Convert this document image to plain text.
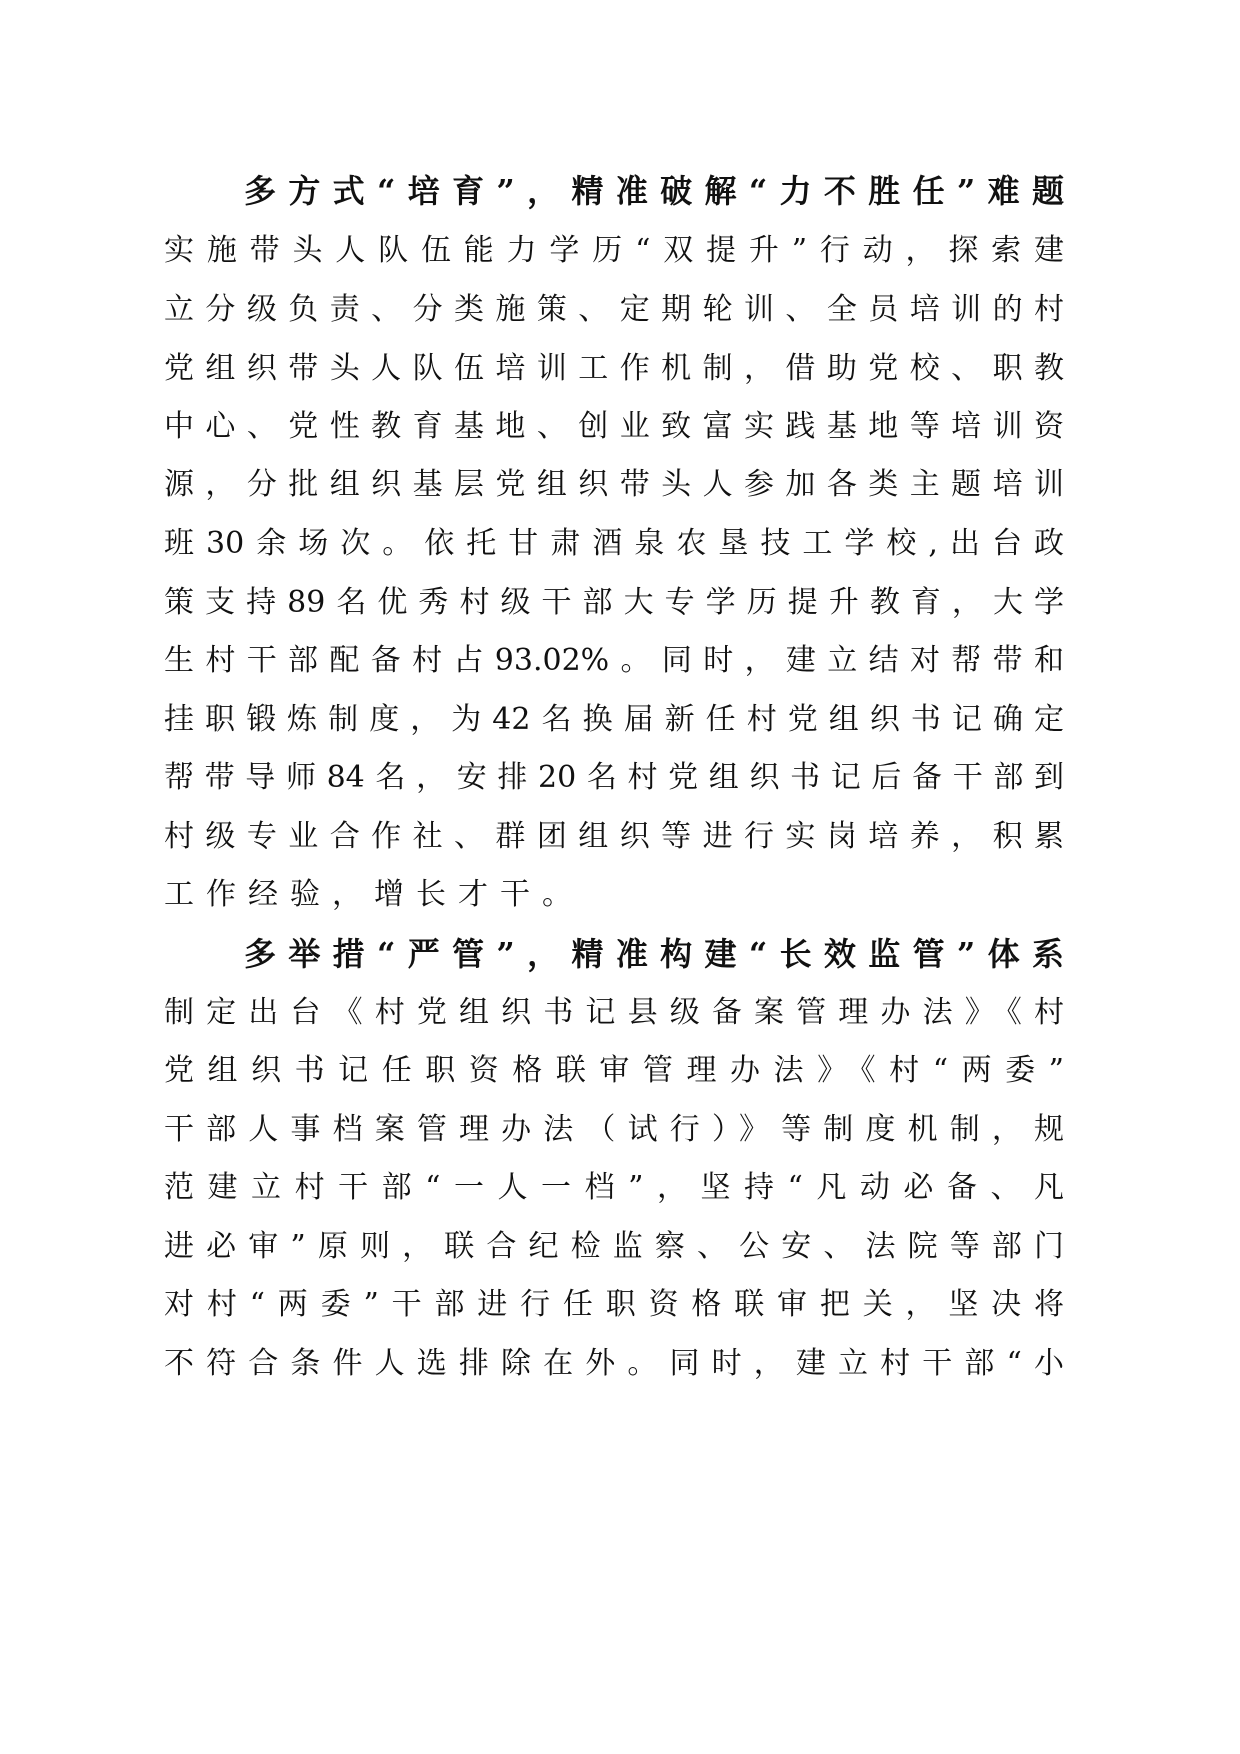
多方式“培育”，精准破解“力不胜任”难题
实施带头人队伍能力学历“双提升”行动，探索建
立分级负责、分类施策、定期轮训、全员培训的村
党组织带头人队伍培训工作机制，借助党校、职教
中心、党性教育基地、创业致富实践基地等培训资
源，分批组织基层党组织带头人参加各类主题培训
班30余场次。依托甘肃酒泉农垦技工学校,出台政
策支持89名优秀村级干部大专学历提升教育，大学
生村干部配备村占93.02%。同时，建立结对帮带和
挂职锻炼制度，为42名换届新任村党组织书记确定
帮带导师84名，安排20名村党组织书记后备干部到
村级专业合作社、群团组织等进行实岗培养，积累
工作经验，增长才干。
多举措“严管”，精准构建“长效监管”体系
制定出台《村党组织书记县级备案管理办法》《村
党组织书记任职资格联审管理办法》《村“两委”
干部人事档案管理办法（试行）》等制度机制，规
范建立村干部“一人一档”，坚持“凡动必备、凡
进必审”原则，联合纪检监察、公安、法院等部门
对村“两委”干部进行任职资格联审把关，坚决将
不符合条件人选排除在外。同时，建立村干部“小
